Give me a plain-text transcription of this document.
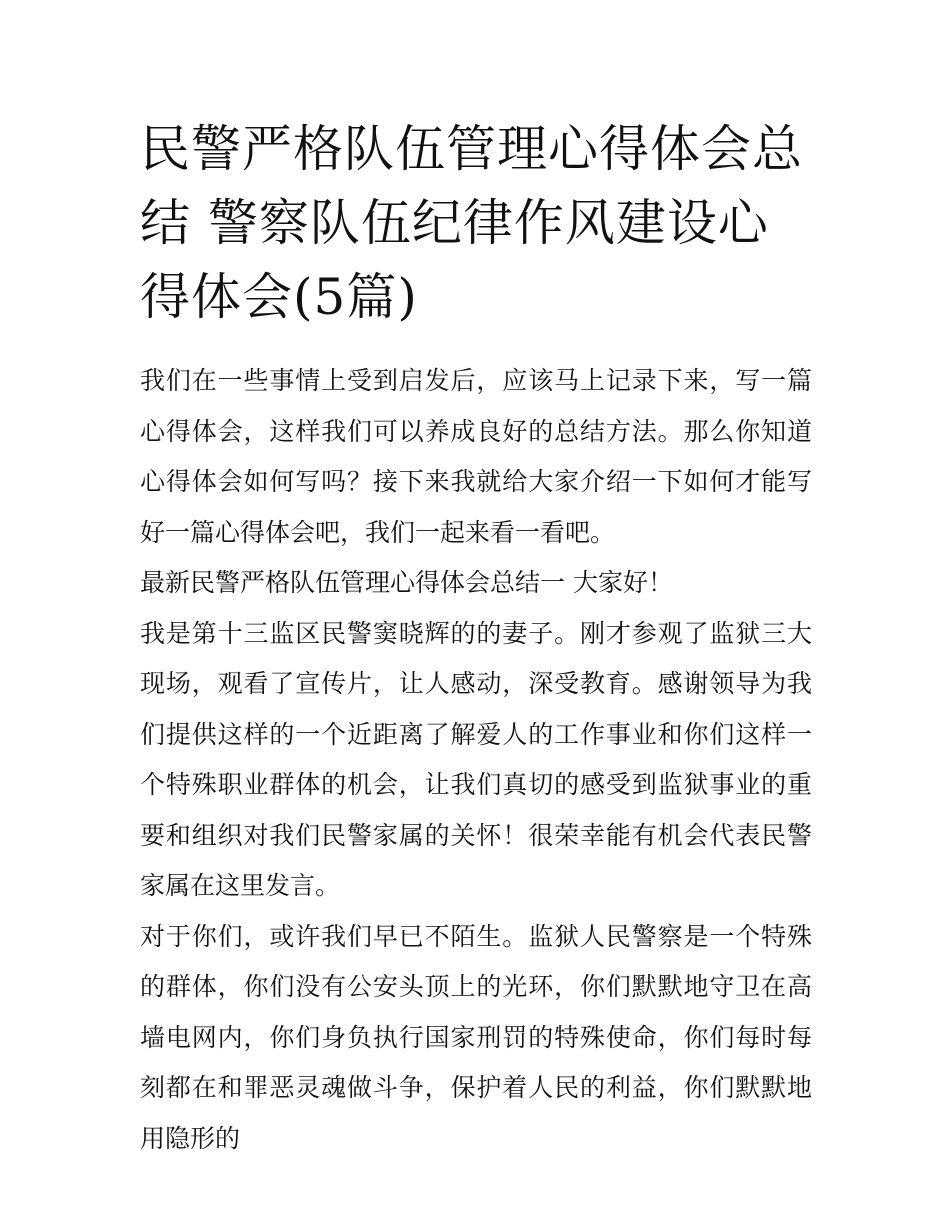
民警严格队伍管理心得体会总结 警察队伍纪律作风建设心得体会(5篇)

我们在一些事情上受到启发后，应该马上记录下来，写一篇心得体会，这样我们可以养成良好的总结方法。那么你知道心得体会如何写吗？接下来我就给大家介绍一下如何才能写好一篇心得体会吧，我们一起来看一看吧。

最新民警严格队伍管理心得体会总结一 大家好！

我是第十三监区民警窦晓辉的的妻子。刚才参观了监狱三大现场，观看了宣传片，让人感动，深受教育。感谢领导为我们提供这样的一个近距离了解爱人的工作事业和你们这样一个特殊职业群体的机会，让我们真切的感受到监狱事业的重要和组织对我们民警家属的关怀！很荣幸能有机会代表民警家属在这里发言。

对于你们，或许我们早已不陌生。监狱人民警察是一个特殊的群体，你们没有公安头顶上的光环，你们默默地守卫在高墙电网内，你们身负执行国家刑罚的特殊使命，你们每时每刻都在和罪恶灵魂做斗争，保护着人民的利益，你们默默地用隐形的
